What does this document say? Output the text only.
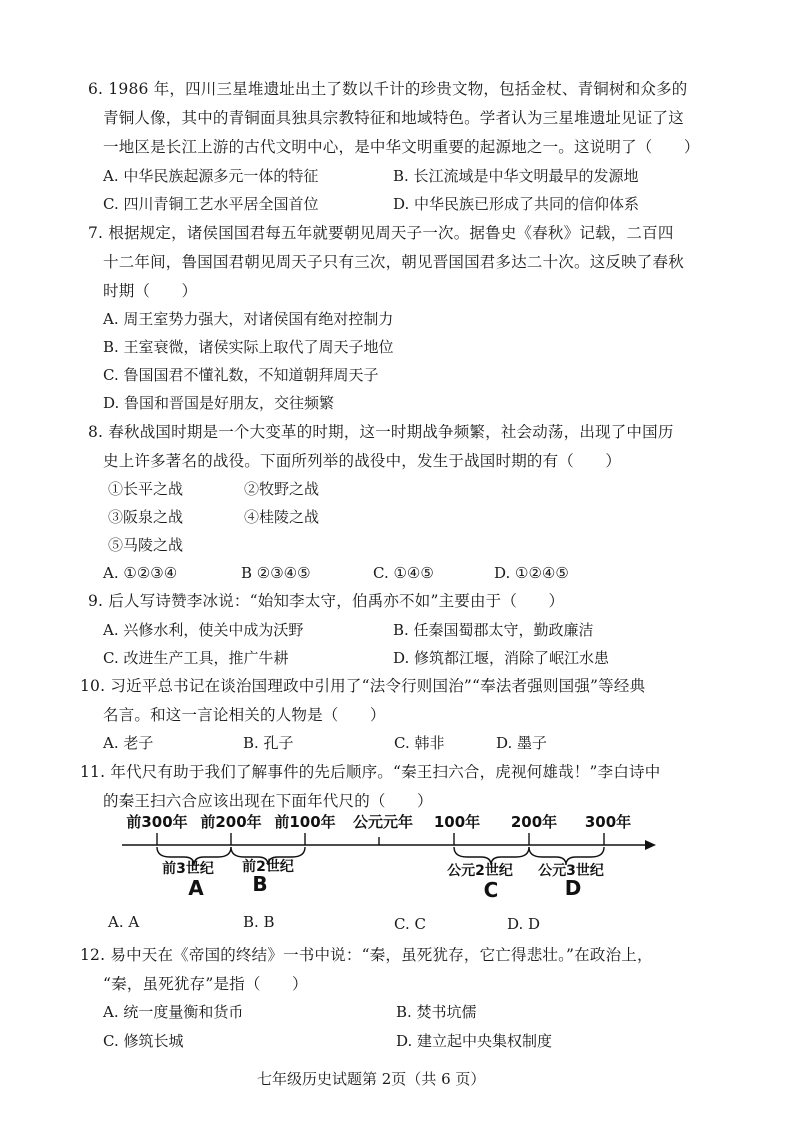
6. 1986 年，四川三星堆遗址出土了数以千计的珍贵文物，包括金杖、青铜树和众多的
青铜人像，其中的青铜面具独具宗教特征和地域特色。学者认为三星堆遗址见证了这
一地区是长江上游的古代文明中心，是中华文明重要的起源地之一。这说明了（　　）
A. 中华民族起源多元一体的特征	B. 长江流域是中华文明最早的发源地
C. 四川青铜工艺水平居全国首位	D. 中华民族已形成了共同的信仰体系
7. 根据规定，诸侯国国君每五年就要朝见周天子一次。据鲁史《春秋》记载，二百四
十二年间，鲁国国君朝见周天子只有三次，朝见晋国国君多达二十次。这反映了春秋
时期（　　）
A. 周王室势力强大，对诸侯国有绝对控制力
B. 王室衰微，诸侯实际上取代了周天子地位
C. 鲁国国君不懂礼数，不知道朝拜周天子
D. 鲁国和晋国是好朋友，交往频繁
8. 春秋战国时期是一个大变革的时期，这一时期战争频繁，社会动荡，出现了中国历
史上许多著名的战役。下面所列举的战役中，发生于战国时期的有（　　）
①长平之战	②牧野之战
③阪泉之战	④桂陵之战
⑤马陵之战
A. ①②③④	B ②③④⑤	C. ①④⑤	D. ①②④⑤
9. 后人写诗赞李冰说：“始知李太守，伯禹亦不如”主要由于（　　）
A. 兴修水利，使关中成为沃野	B. 任秦国蜀郡太守，勤政廉洁
C. 改进生产工具，推广牛耕	D. 修筑都江堰，消除了岷江水患
10. 习近平总书记在谈治国理政中引用了“法令行则国治”“奉法者强则国强”等经典
名言。和这一言论相关的人物是（　　）
A. 老子	B. 孔子	C. 韩非	D. 墨子
11. 年代尺有助于我们了解事件的先后顺序。“秦王扫六合，虎视何雄哉！”李白诗中
的秦王扫六合应该出现在下面年代尺的（　　）
前300年 前200年 前100年 公元元年 100年 200年 300年
前3世纪 前2世纪	公元2世纪 公元3世纪
A B	C	D
A. A	B. B	C. C	D. D
12. 易中天在《帝国的终结》一书中说：“秦，虽死犹存，它亡得悲壮。”在政治上，
“秦，虽死犹存”是指（　　）
A. 统一度量衡和货币	B. 焚书坑儒
C. 修筑长城	D. 建立起中央集权制度
七年级历史试题第 2页（共 6 页）
